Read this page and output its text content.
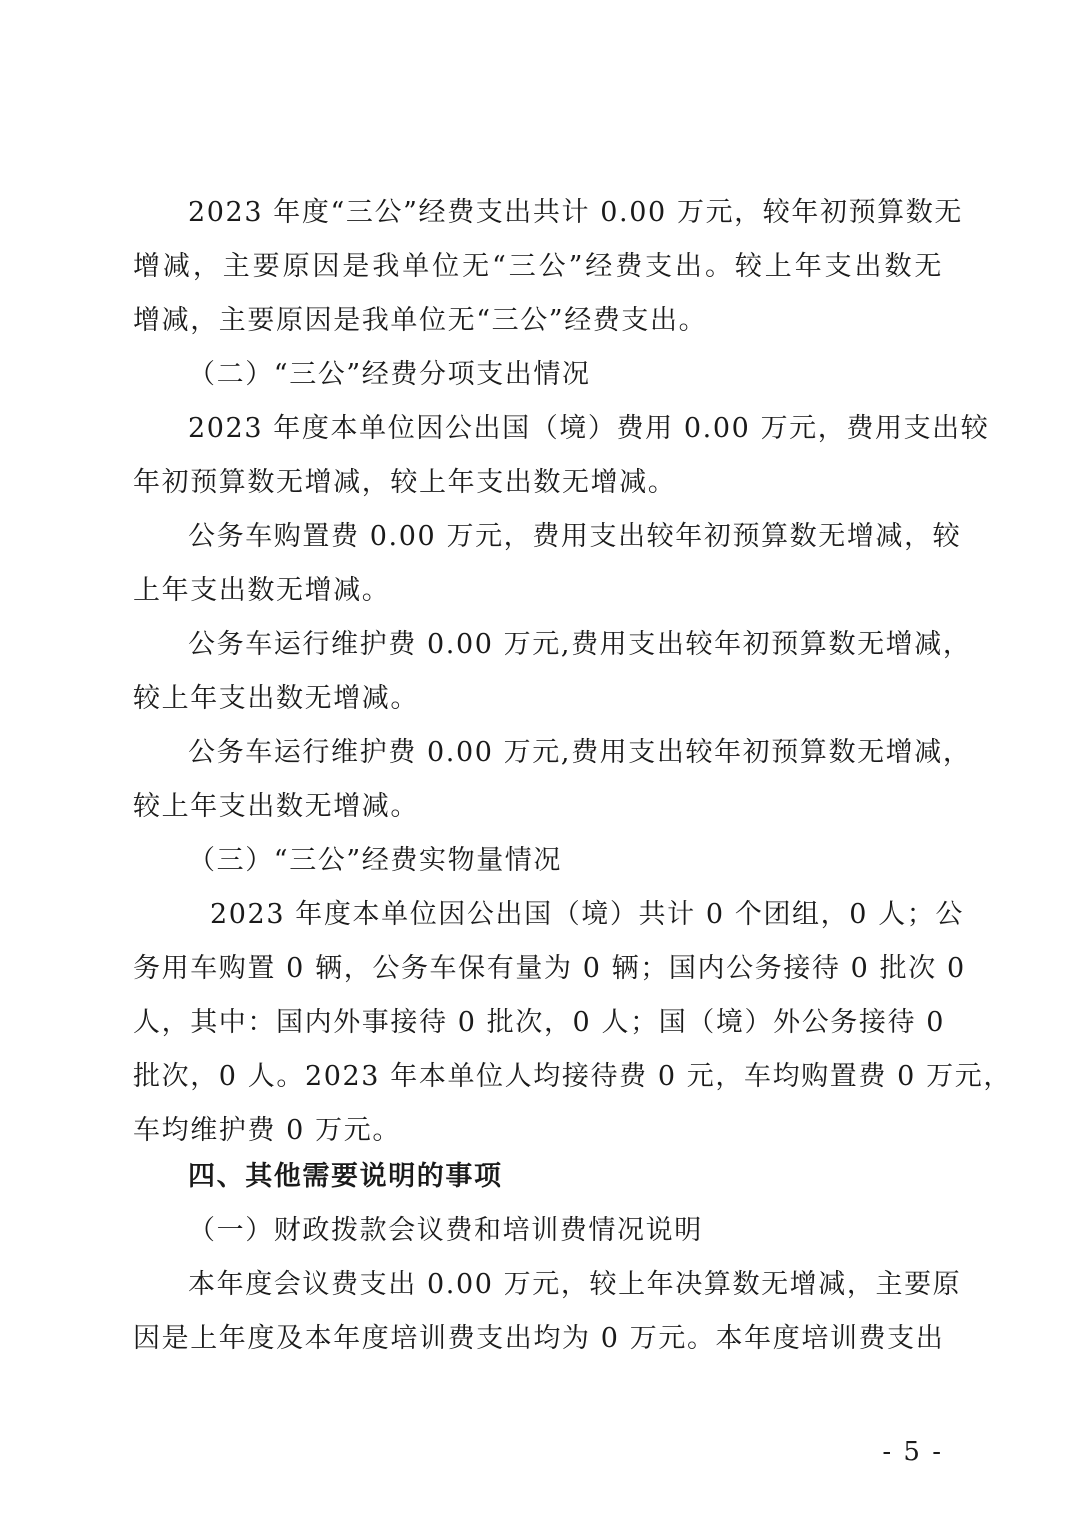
2023 年度“三公”经费支出共计 0.00 万元，较年初预算数无
增减，主要原因是我单位无“三公”经费支出。较上年支出数无
增减，主要原因是我单位无“三公”经费支出。
（二）“三公”经费分项支出情况
2023 年度本单位因公出国（境）费用 0.00 万元，费用支出较
年初预算数无增减，较上年支出数无增减。
公务车购置费 0.00 万元，费用支出较年初预算数无增减，较
上年支出数无增减。
公务车运行维护费 0.00 万元,费用支出较年初预算数无增减，
较上年支出数无增减。
公务车运行维护费 0.00 万元,费用支出较年初预算数无增减，
较上年支出数无增减。
（三）“三公”经费实物量情况
2023 年度本单位因公出国（境）共计 0 个团组，0 人；公
务用车购置 0 辆，公务车保有量为 0 辆；国内公务接待 0 批次 0
人，其中：国内外事接待 0 批次，0 人；国（境）外公务接待 0
批次，0 人。2023 年本单位人均接待费 0 元，车均购置费 0 万元，
车均维护费 0 万元。
四、其他需要说明的事项
（一）财政拨款会议费和培训费情况说明
本年度会议费支出 0.00 万元，较上年决算数无增减，主要原
因是上年度及本年度培训费支出均为 0 万元。本年度培训费支出
- 5 -
